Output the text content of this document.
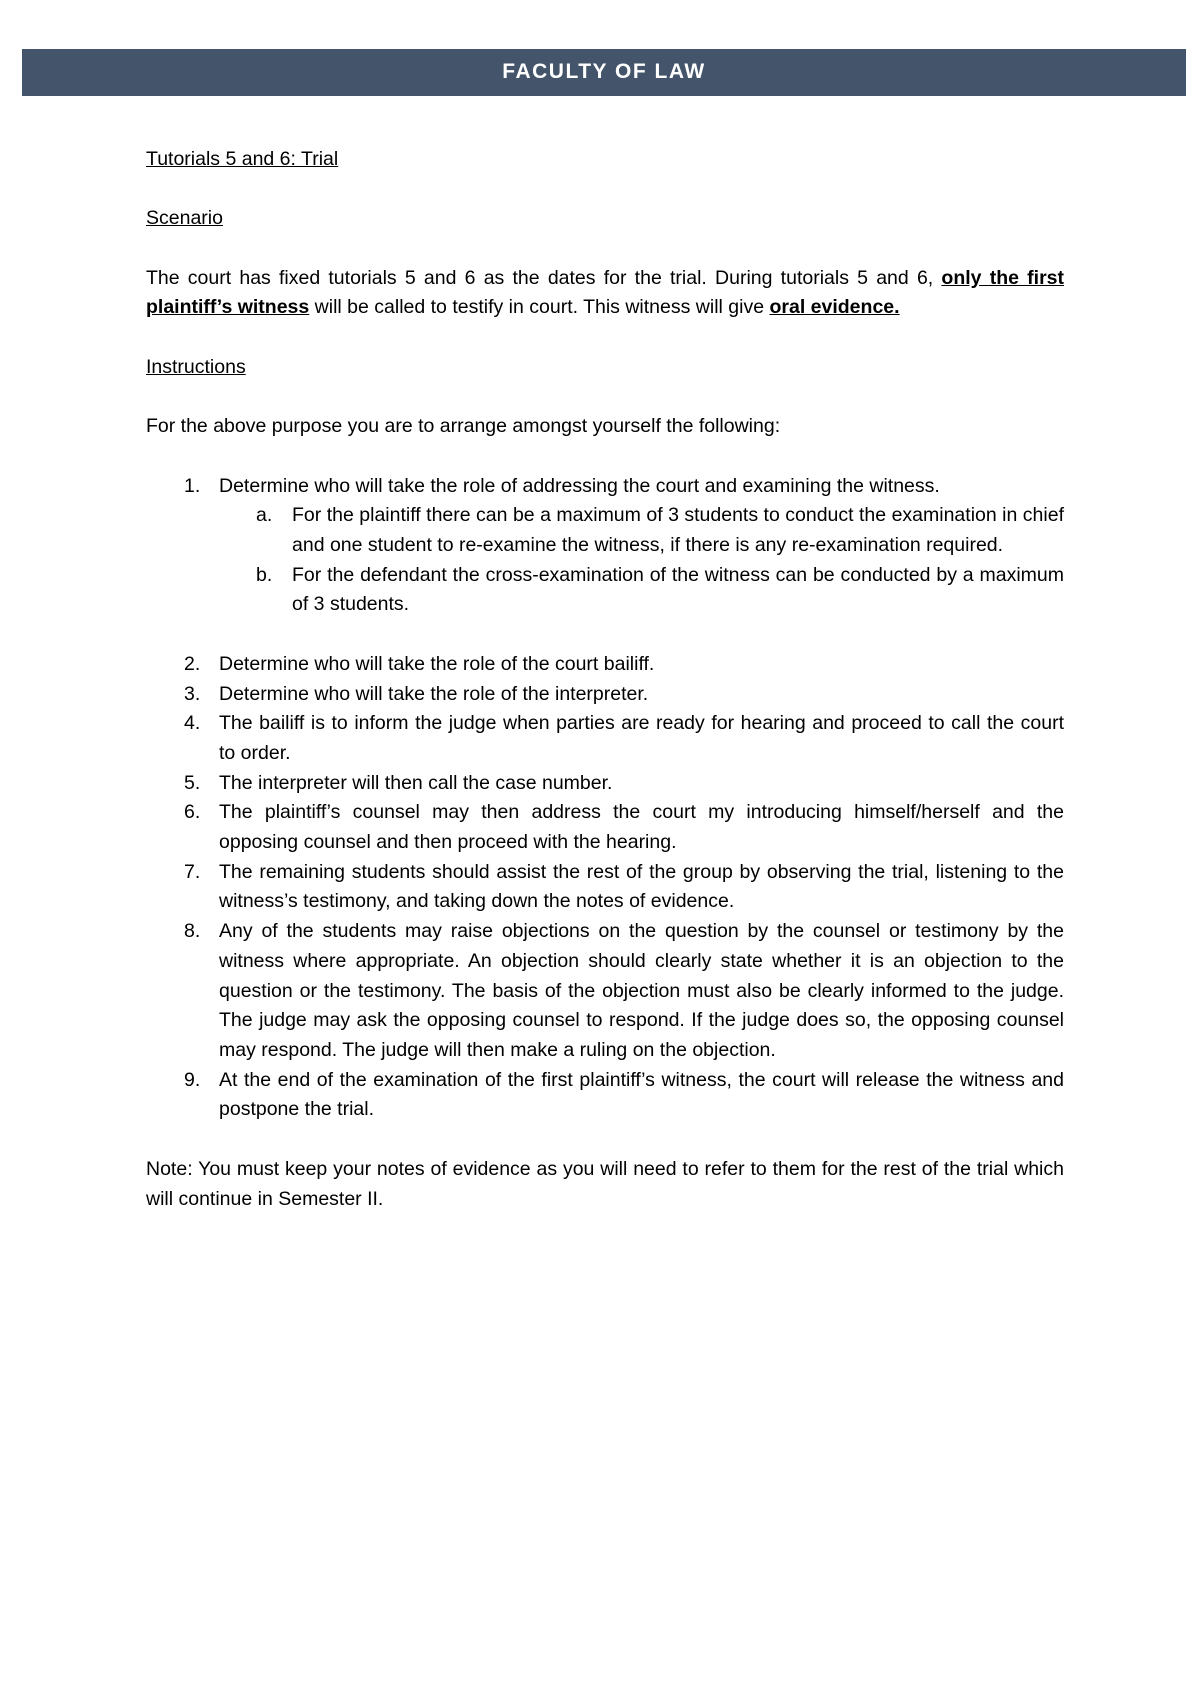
FACULTY OF LAW

Tutorials 5 and 6: Trial

Scenario

The court has fixed tutorials 5 and 6 as the dates for the trial. During tutorials 5 and 6, only the first plaintiff’s witness will be called to testify in court. This witness will give oral evidence.

Instructions

For the above purpose you are to arrange amongst yourself the following:

1. Determine who will take the role of addressing the court and examining the witness.
a. For the plaintiff there can be a maximum of 3 students to conduct the examination in chief and one student to re-examine the witness, if there is any re-examination required.
b. For the defendant the cross-examination of the witness can be conducted by a maximum of 3 students.
2. Determine who will take the role of the court bailiff.
3. Determine who will take the role of the interpreter.
4. The bailiff is to inform the judge when parties are ready for hearing and proceed to call the court to order.
5. The interpreter will then call the case number.
6. The plaintiff’s counsel may then address the court my introducing himself/herself and the opposing counsel and then proceed with the hearing.
7. The remaining students should assist the rest of the group by observing the trial, listening to the witness’s testimony, and taking down the notes of evidence.
8. Any of the students may raise objections on the question by the counsel or testimony by the witness where appropriate. An objection should clearly state whether it is an objection to the question or the testimony. The basis of the objection must also be clearly informed to the judge. The judge may ask the opposing counsel to respond. If the judge does so, the opposing counsel may respond. The judge will then make a ruling on the objection.
9. At the end of the examination of the first plaintiff’s witness, the court will release the witness and postpone the trial.

Note: You must keep your notes of evidence as you will need to refer to them for the rest of the trial which will continue in Semester II.
